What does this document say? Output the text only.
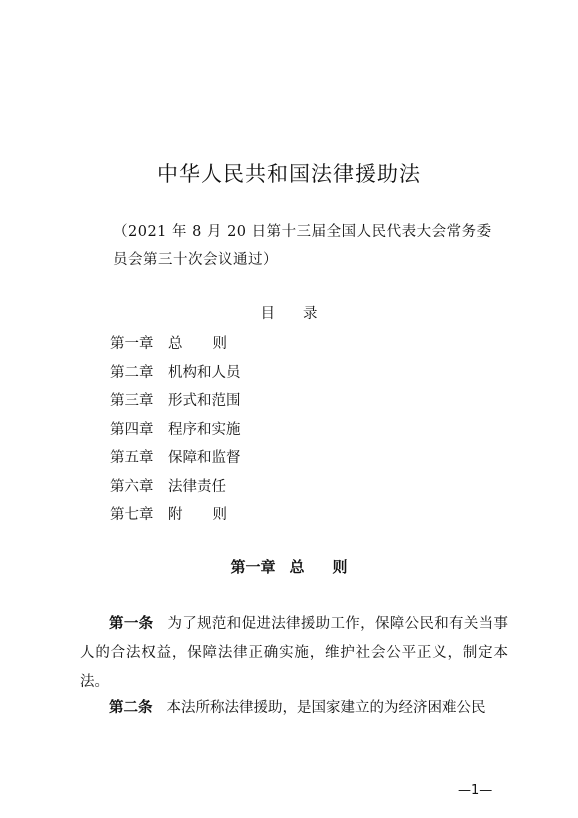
中华人民共和国法律援助法
（2021 年 8 月 20 日第十三届全国人民代表大会常务委
员会第三十次会议通过）
目录
第一章 总则
第二章 机构和人员
第三章 形式和范围
第四章 程序和实施
第五章 保障和监督
第六章 法律责任
第七章 附则
第一章 总则

第一条 为了规范和促进法律援助工作，保障公民和有关当事人的合法权益，保障法律正确实施，维护社会公平正义，制定本法。

第二条 本法所称法律援助，是国家建立的为经济困难公民

—1—
